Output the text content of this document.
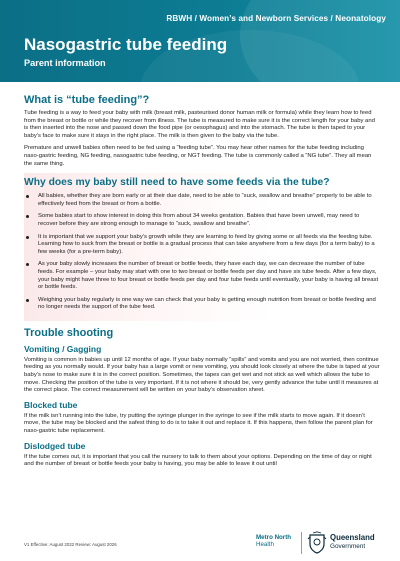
RBWH / Women’s and Newborn Services / Neonatology
Nasogastric tube feeding
Parent information
What is “tube feeding”?

Tube feeding is a way to feed your baby with milk (breast milk, pasteurised donor human milk or formula) while they learn how to feed from the breast or bottle or while they recover from illness. The tube is measured to make sure it is the correct length for your baby and is then inserted into the nose and passed down the food pipe (or oesophagus) and into the stomach. The tube is then taped to your baby’s face to make sure it stays in the right place. The milk is then given to the baby via the tube.

Premature and unwell babies often need to be fed using a “feeding tube”. You may hear other names for the tube feeding including naso-gastric feeding, NG feeding, nasogastric tube feeding, or NGT feeding. The tube is commonly called a “NG tube”. They all mean the same thing.

Why does my baby still need to have some feeds via the tube?
All babies, whether they are born early or at their due date, need to be able to “suck, swallow and breathe” properly to be able to effectively feed from the breast or from a bottle.
Some babies start to show interest in doing this from about 34 weeks gestation. Babies that have been unwell, may need to recover before they are strong enough to manage to “suck, swallow and breathe”.
It is important that we support your baby’s growth while they are learning to feed by giving some or all feeds via the feeding tube. Learning how to suck from the breast or bottle is a gradual process that can take anywhere from a few days (for a term baby) to a few weeks (for a pre-term baby).
As your baby slowly increases the number of breast or bottle feeds, they have each day, we can decrease the number of tube feeds. For example – your baby may start with one to two breast or bottle feeds per day and have six tube feeds. After a few days, your baby might have three to four breast or bottle feeds per day and four tube feeds until eventually, your baby is having all breast or bottle feeds.
Weighing your baby regularly is one way we can check that your baby is getting enough nutrition from breast or bottle feeding and no longer needs the support of the tube feed.
Trouble shooting
Vomiting / Gagging

Vomiting is common in babies up until 12 months of age. If your baby normally “spills” and vomits and you are not worried, then continue feeding as you normally would. If your baby has a large vomit or new vomiting, you should look closely at where the tube is taped at your baby’s nose to make sure it is in the correct position. Sometimes, the tapes can get wet and not stick as well which allows the tube to move. Checking the position of the tube is very important. If it is not where it should be, very gently advance the tube until it measures at the correct place. The correct measurement will be written on your baby’s observation sheet.

Blocked tube

If the milk isn’t running into the tube, try putting the syringe plunger in the syringe to see if the milk starts to move again. If it doesn’t move, the tube may be blocked and the safest thing to do is to take it out and replace it. If this happens, then follow the parent plan for naso-gastric tube replacement.

Dislodged tube

If the tube comes out, it is important that you call the nursery to talk to them about your options. Depending on the time of day or night and the number of breast or bottle feeds your baby is having, you may be able to leave it out until

V1 Effective: August 2022 Review: August 2026
Metro North
Health
Queensland
Government
